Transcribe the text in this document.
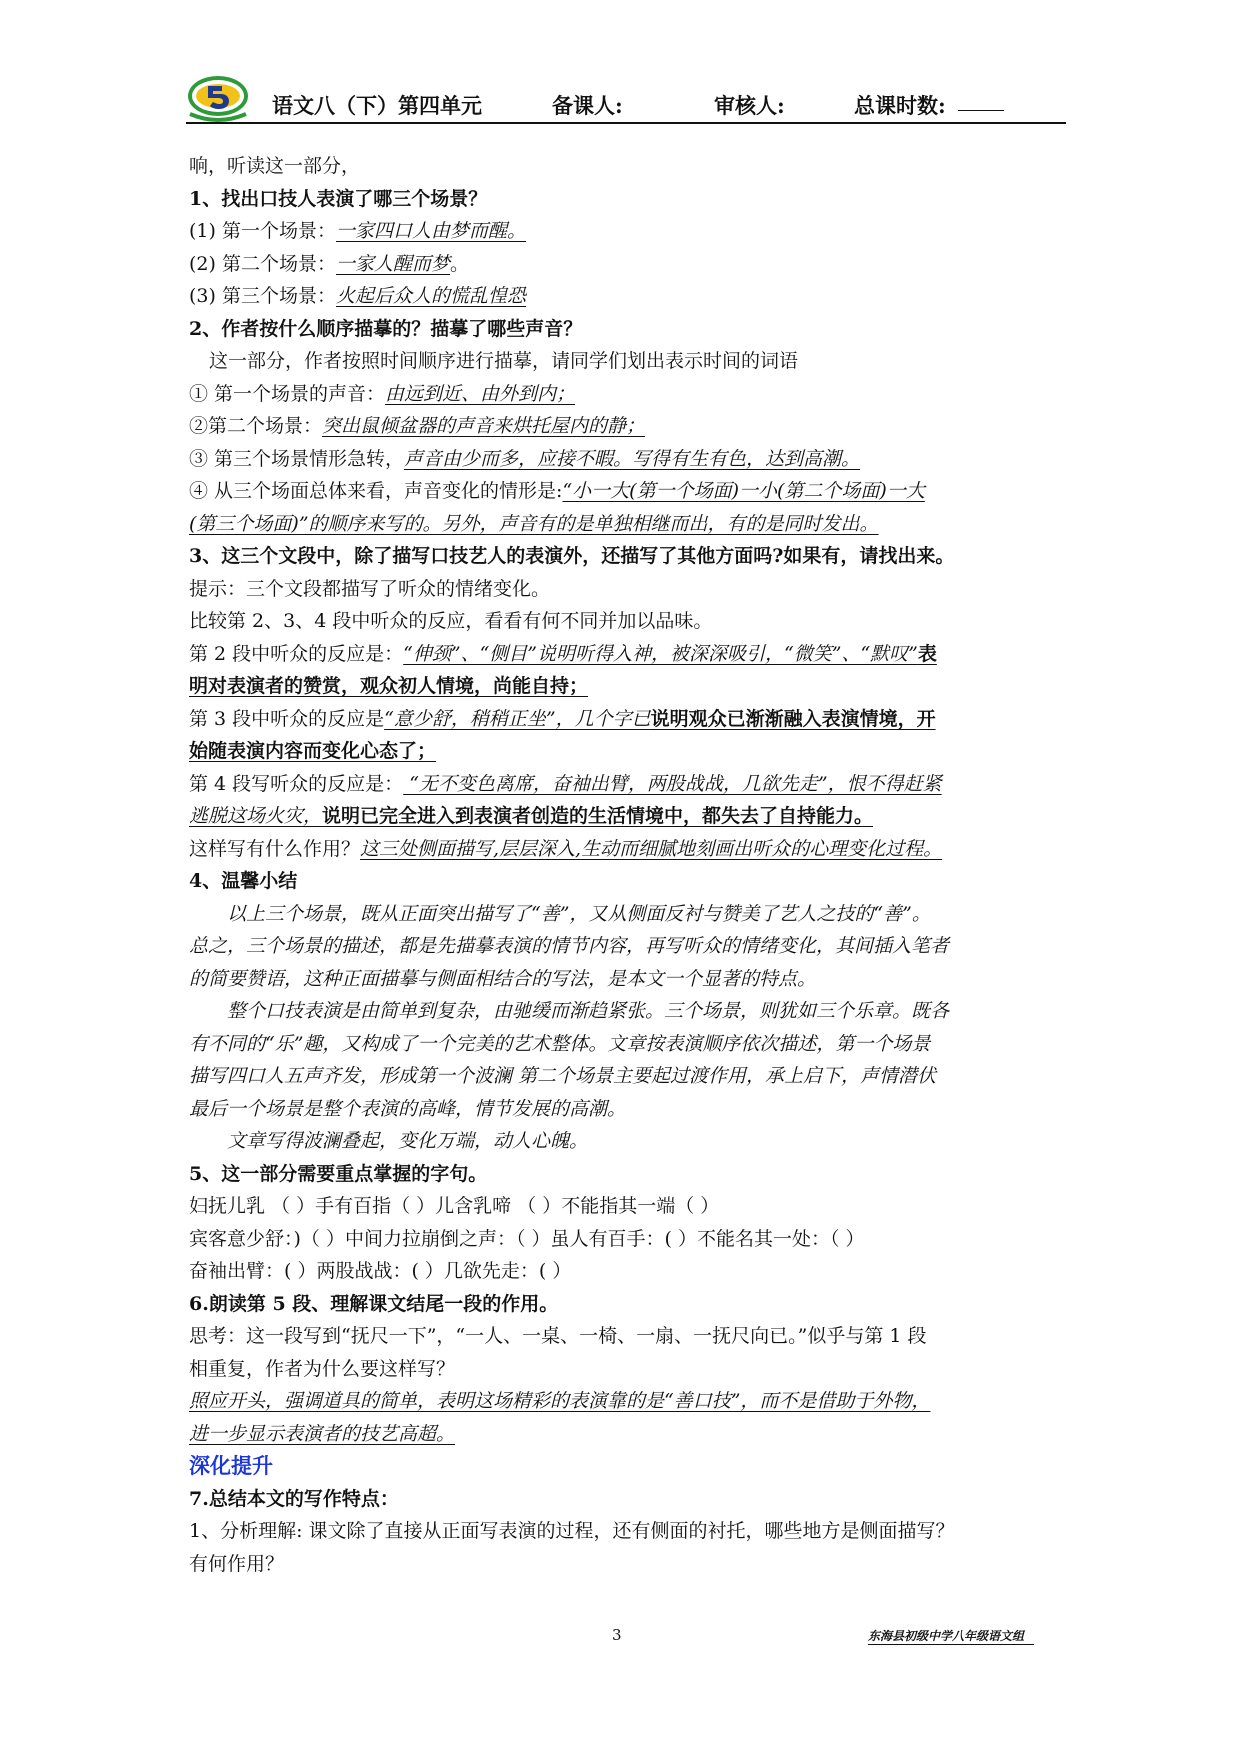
语文八（下）第四单元	备课人:	审核人:	总课时数:
响，听读这一部分，
1、找出口技人表演了哪三个场景？
(1) 第一个场景：一家四口人由梦而醒。
(2) 第二个场景：一家人醒而梦。
(3) 第三个场景：火起后众人的慌乱惶恐
2、作者按什么顺序描摹的？描摹了哪些声音？
这一部分，作者按照时间顺序进行描摹，请同学们划出表示时间的词语
① 第一个场景的声音：由远到近、由外到内；
②第二个场景：突出鼠倾盆器的声音来烘托屋内的静；
③ 第三个场景情形急转，声音由少而多，应接不暇。写得有生有色，达到高潮。
④ 从三个场面总体来看，声音变化的情形是:“小一大(第一个场面)一小(第二个场面)一大
(第三个场面)”的顺序来写的。另外，声音有的是单独相继而出，有的是同时发出。
3、这三个文段中，除了描写口技艺人的表演外，还描写了其他方面吗?如果有，请找出来。
提示：三个文段都描写了听众的情绪变化。
比较第 2、3、4 段中听众的反应，看看有何不同并加以品味。
第 2 段中听众的反应是：“伸颈”、“侧目”说明听得入神，被深深吸引，“微笑”、“默叹”表
明对表演者的赞赏，观众初人情境，尚能自持；
第 3 段中听众的反应是“意少舒，稍稍正坐”，几个字已说明观众已渐渐融入表演情境，开
始随表演内容而变化心态了；
第 4 段写听众的反应是： “无不变色离席，奋袖出臂，两股战战，几欲先走”，恨不得赶紧
逃脱这场火灾，说明已完全进入到表演者创造的生活情境中，都失去了自持能力。
这样写有什么作用？这三处侧面描写,层层深入,生动而细腻地刻画出听众的心理变化过程。
4、温馨小结
以上三个场景，既从正面突出描写了“善”，又从侧面反衬与赞美了艺人之技的“善”。
总之，三个场景的描述，都是先描摹表演的情节内容，再写听众的情绪变化，其间插入笔者
的简要赞语，这种正面描摹与侧面相结合的写法，是本文一个显著的特点。
整个口技表演是由简单到复杂，由驰缓而渐趋紧张。三个场景，则犹如三个乐章。既各
有不同的“乐”趣，又构成了一个完美的艺术整体。文章按表演顺序依次描述，第一个场景
描写四口人五声齐发，形成第一个波澜 第二个场景主要起过渡作用，承上启下，声情潜伏
最后一个场景是整个表演的高峰，情节发展的高潮。
文章写得波澜叠起，变化万端，动人心魄。
5、这一部分需要重点掌握的字句。
妇抚儿乳 （ ）手有百指（ ）儿含乳啼 （ ）不能指其一端（ ）
宾客意少舒：)（ ）中间力拉崩倒之声：（ ）虽人有百手：( ）不能名其一处：（ ）
奋袖出臂：( ）两股战战：( ）几欲先走：( ）
6.朗读第 5 段、理解课文结尾一段的作用。
思考：这一段写到“抚尺一下”，“一人、一桌、一椅、一扇、一抚尺向已。”似乎与第 1 段
相重复，作者为什么要这样写？
照应开头，强调道具的简单，表明这场精彩的表演靠的是“善口技”，而不是借助于外物，
进一步显示表演者的技艺高超。
深化提升
7.总结本文的写作特点：
1、分析理解: 课文除了直接从正面写表演的过程，还有侧面的衬托，哪些地方是侧面描写？
有何作用？
3	东海县初级中学八年级语文组
